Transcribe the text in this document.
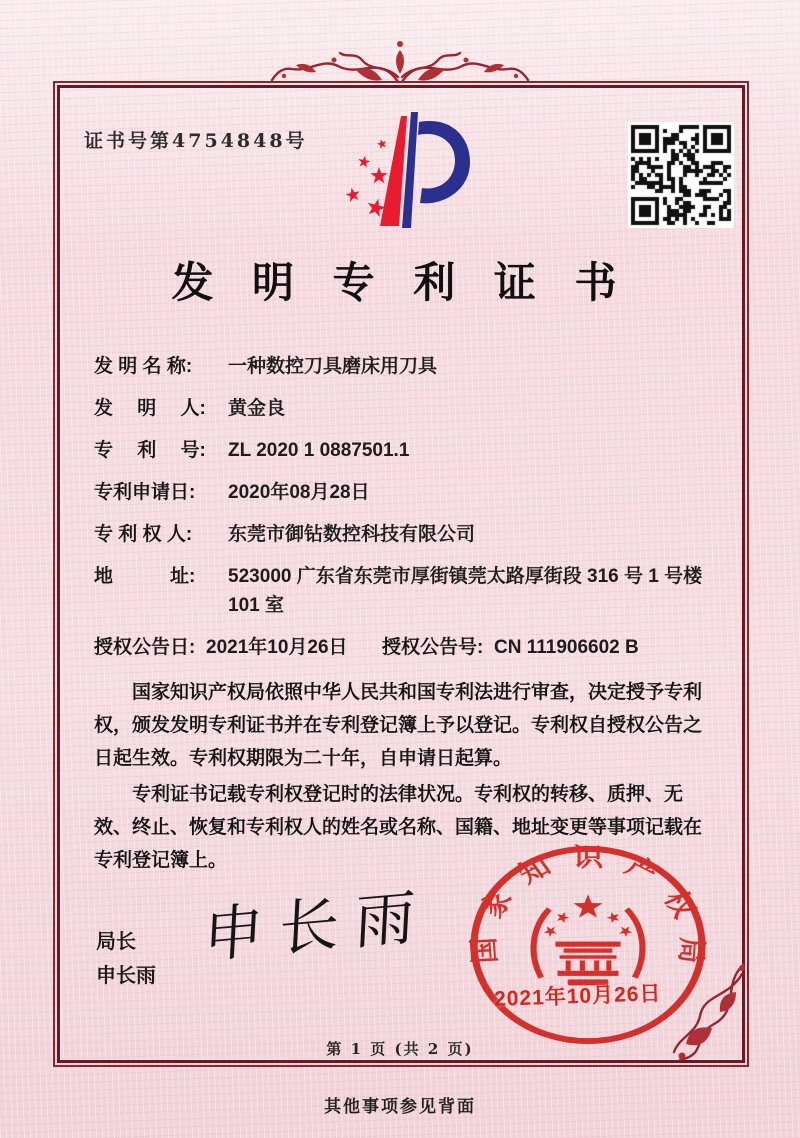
证书号第4754848号
发 明 专 利 证 书
发 明 名 称: 一种数控刀具磨床用刀具
发　 明　 人: 黄金良
专　 利　 号: ZL 2020 1 0887501.1
专利申请日: 2020年08月28日
专 利 权 人: 东莞市御钻数控科技有限公司
地　　　址: 523000 广东省东莞市厚街镇莞太路厚街段 316 号 1 号楼 101 室
授权公告日: 2021年10月26日	授权公告号: CN 111906602 B

国家知识产权局依照中华人民共和国专利法进行审查，决定授予专利权，颁发发明专利证书并在专利登记簿上予以登记。专利权自授权公告之日起生效。专利权期限为二十年，自申请日起算。

专利证书记载专利权登记时的法律状况。专利权的转移、质押、无效、终止、恢复和专利权人的姓名或名称、国籍、地址变更等事项记载在专利登记簿上。

局长
申长雨
申长雨 国家知识产权局
2021年10月26日
第 1 页 (共 2 页)
其他事项参见背面
